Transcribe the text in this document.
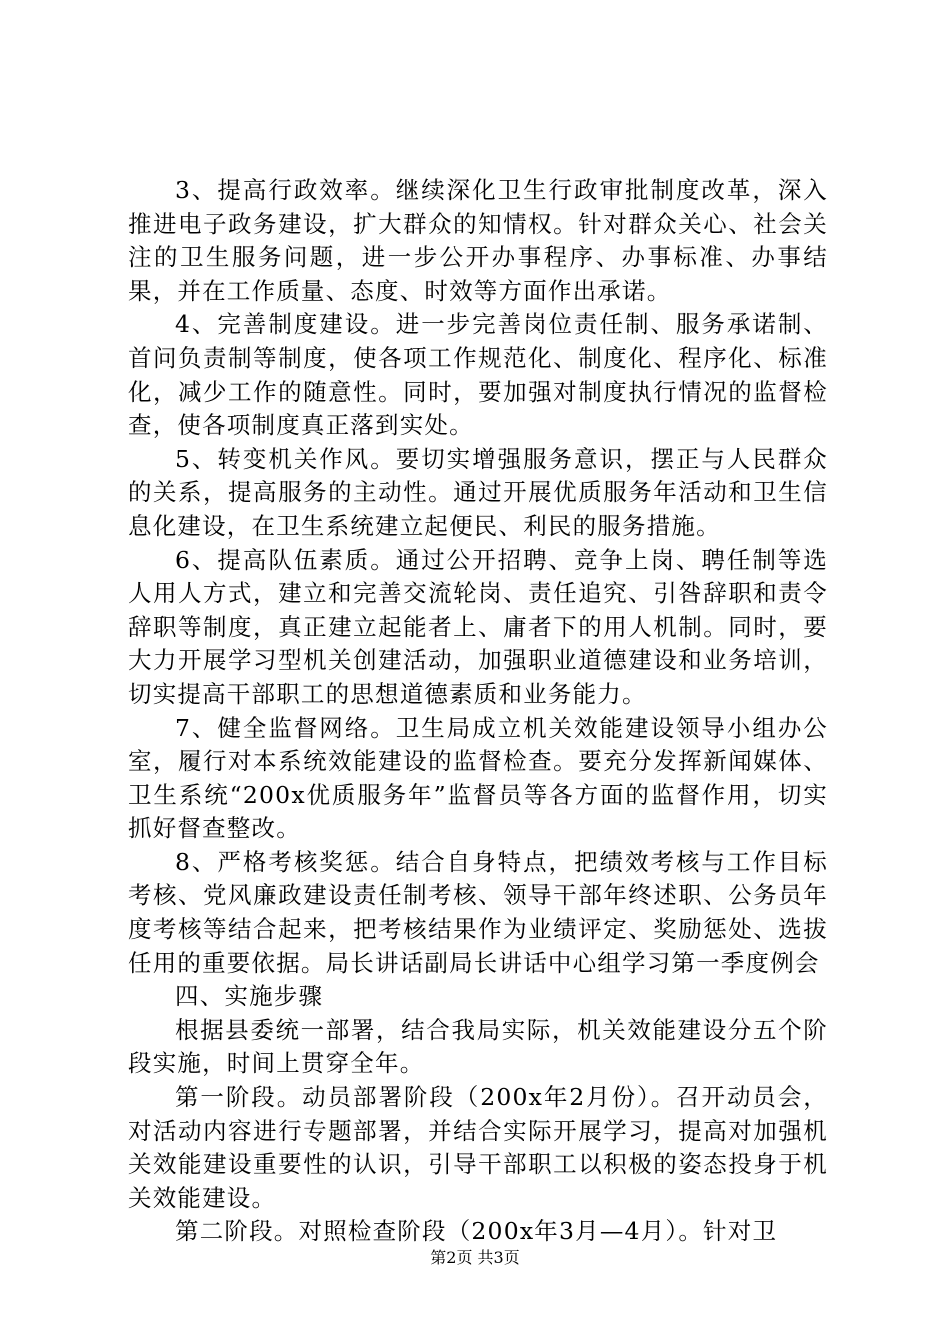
3、提高行政效率。继续深化卫生行政审批制度改革，深入推进电子政务建设，扩大群众的知情权。针对群众关心、社会关注的卫生服务问题，进一步公开办事程序、办事标准、办事结果，并在工作质量、态度、时效等方面作出承诺。

4、完善制度建设。进一步完善岗位责任制、服务承诺制、首问负责制等制度，使各项工作规范化、制度化、程序化、标准化，减少工作的随意性。同时，要加强对制度执行情况的监督检查，使各项制度真正落到实处。

5、转变机关作风。要切实增强服务意识，摆正与人民群众的关系，提高服务的主动性。通过开展优质服务年活动和卫生信息化建设，在卫生系统建立起便民、利民的服务措施。

6、提高队伍素质。通过公开招聘、竞争上岗、聘任制等选人用人方式，建立和完善交流轮岗、责任追究、引咎辞职和责令辞职等制度，真正建立起能者上、庸者下的用人机制。同时，要大力开展学习型机关创建活动，加强职业道德建设和业务培训，切实提高干部职工的思想道德素质和业务能力。

7、健全监督网络。卫生局成立机关效能建设领导小组办公室，履行对本系统效能建设的监督检查。要充分发挥新闻媒体、卫生系统“200x优质服务年”监督员等各方面的监督作用，切实抓好督查整改。

8、严格考核奖惩。结合自身特点，把绩效考核与工作目标考核、党风廉政建设责任制考核、领导干部年终述职、公务员年度考核等结合起来，把考核结果作为业绩评定、奖励惩处、选拔任用的重要依据。局长讲话副局长讲话中心组学习第一季度例会

四、实施步骤

根据县委统一部署，结合我局实际，机关效能建设分五个阶段实施，时间上贯穿全年。

第一阶段。动员部署阶段（200x年2月份）。召开动员会，对活动内容进行专题部署，并结合实际开展学习，提高对加强机关效能建设重要性的认识，引导干部职工以积极的姿态投身于机关效能建设。

第二阶段。对照检查阶段（200x年3月—4月）。针对卫

第2页 共3页
